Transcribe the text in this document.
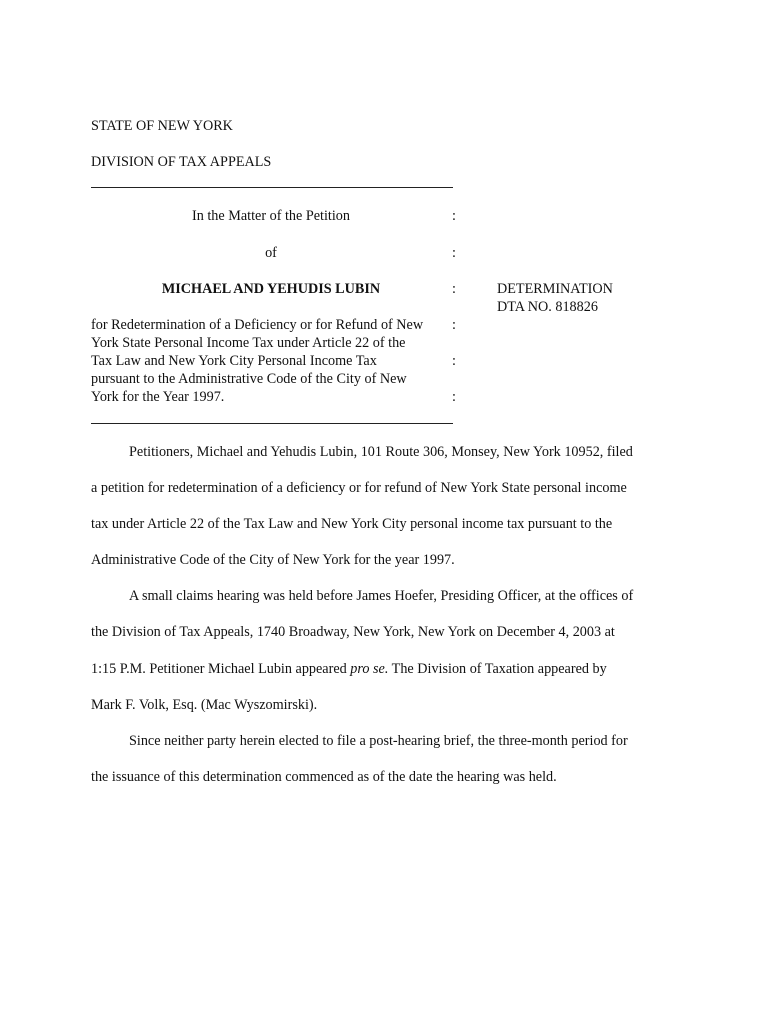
STATE OF NEW YORK
DIVISION OF TAX APPEALS
In the Matter of the Petition	:
of	:
MICHAEL AND YEHUDIS LUBIN	:	DETERMINATION
DTA NO. 818826
for Redetermination of a Deficiency or for Refund of New :
York State Personal Income Tax under Article 22 of the
Tax Law and New York City Personal Income Tax	:
pursuant to the Administrative Code of the City of New
York for the Year 1997.	:
Petitioners, Michael and Yehudis Lubin, 101 Route 306, Monsey, New York 10952, filed
a petition for redetermination of a deficiency or for refund of New York State personal income
tax under Article 22 of the Tax Law and New York City personal income tax pursuant to the
Administrative Code of the City of New York for the year 1997.
A small claims hearing was held before James Hoefer, Presiding Officer, at the offices of
the Division of Tax Appeals, 1740 Broadway, New York, New York on December 4, 2003 at
1:15 P.M. Petitioner Michael Lubin appeared pro se. The Division of Taxation appeared by
Mark F. Volk, Esq. (Mac Wyszomirski).
Since neither party herein elected to file a post-hearing brief, the three-month period for
the issuance of this determination commenced as of the date the hearing was held.
